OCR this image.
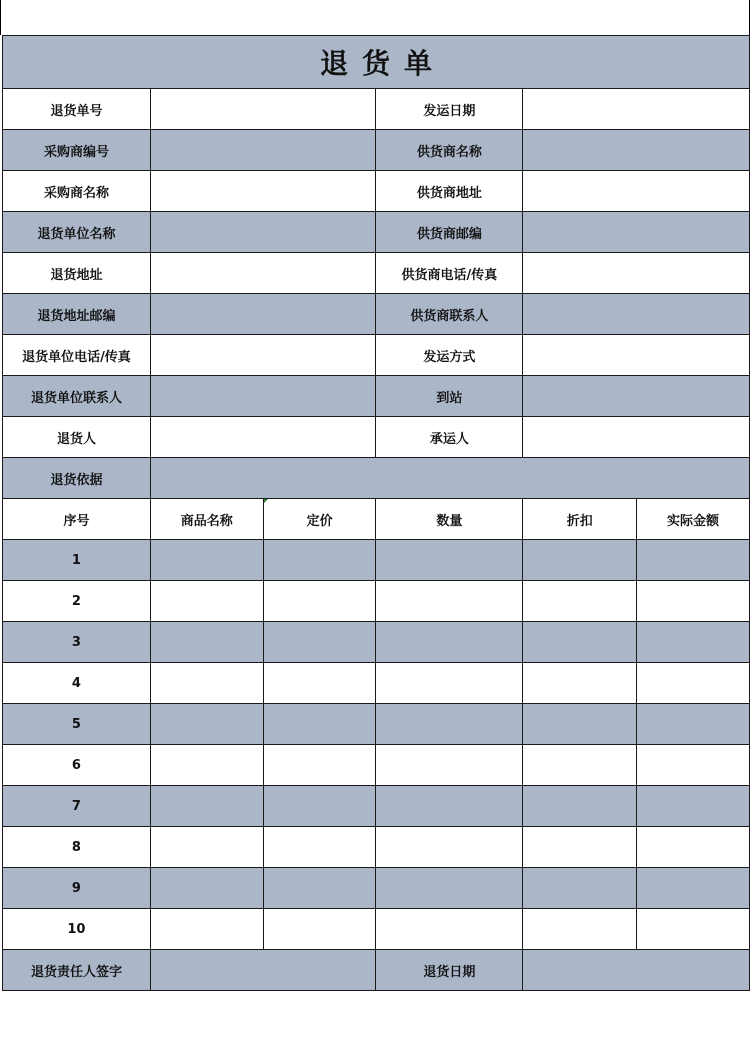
退货单					
退货单号			发运日期		
采购商编号			供货商名称		
采购商名称			供货商地址		
退货单位名称			供货商邮编		
退货地址			供货商电话/传真		
退货地址邮编			供货商联系人		
退货单位电话/传真			发运方式		
退货单位联系人			到站		
退货人			承运人		
退货依据					
序号	商品名称	定价	数量	折扣	实际金额
1					
2					
3					
4					
5					
6					
7					
8					
9					
10					
退货责任人签字			退货日期		
